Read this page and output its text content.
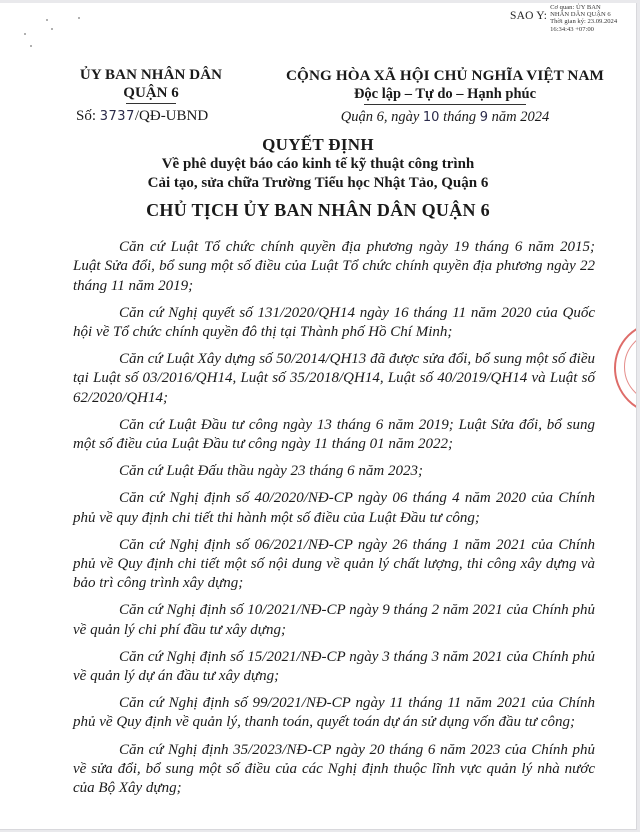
SAO Y:
Cơ quan: ỦY BAN
NHÂN DÂN QUẬN 6
Thời gian ký: 23.09.2024
16:34:43 +07:00
ỦY BAN NHÂN DÂN
QUẬN 6
Số: 3737/QĐ-UBND
CỘNG HÒA XÃ HỘI CHỦ NGHĨA VIỆT NAM
Độc lập – Tự do – Hạnh phúc
Quận 6, ngày 10 tháng 9 năm 2024
QUYẾT ĐỊNH
Về phê duyệt báo cáo kinh tế kỹ thuật công trình
Cải tạo, sửa chữa Trường Tiểu học Nhật Tảo, Quận 6
CHỦ TỊCH ỦY BAN NHÂN DÂN QUẬN 6

Căn cứ Luật Tổ chức chính quyền địa phương ngày 19 tháng 6 năm 2015; Luật Sửa đổi, bổ sung một số điều của Luật Tổ chức chính quyền địa phương ngày 22 tháng 11 năm 2019;

Căn cứ Nghị quyết số 131/2020/QH14 ngày 16 tháng 11 năm 2020 của Quốc hội về Tổ chức chính quyền đô thị tại Thành phố Hồ Chí Minh;

Căn cứ Luật Xây dựng số 50/2014/QH13 đã được sửa đổi, bổ sung một số điều tại Luật số 03/2016/QH14, Luật số 35/2018/QH14, Luật số 40/2019/QH14 và Luật số 62/2020/QH14;

Căn cứ Luật Đầu tư công ngày 13 tháng 6 năm 2019; Luật Sửa đổi, bổ sung một số điều của Luật Đầu tư công ngày 11 tháng 01 năm 2022;

Căn cứ Luật Đấu thầu ngày 23 tháng 6 năm 2023;

Căn cứ Nghị định số 40/2020/NĐ-CP ngày 06 tháng 4 năm 2020 của Chính phủ về quy định chi tiết thi hành một số điều của Luật Đầu tư công;

Căn cứ Nghị định số 06/2021/NĐ-CP ngày 26 tháng 1 năm 2021 của Chính phủ về Quy định chi tiết một số nội dung về quản lý chất lượng, thi công xây dựng và bảo trì công trình xây dựng;

Căn cứ Nghị định số 10/2021/NĐ-CP ngày 9 tháng 2 năm 2021 của Chính phủ về quản lý chi phí đầu tư xây dựng;

Căn cứ Nghị định số 15/2021/NĐ-CP ngày 3 tháng 3 năm 2021 của Chính phủ về quản lý dự án đầu tư xây dựng;

Căn cứ Nghị định số 99/2021/NĐ-CP ngày 11 tháng 11 năm 2021 của Chính phủ về Quy định về quản lý, thanh toán, quyết toán dự án sử dụng vốn đầu tư công;

Căn cứ Nghị định 35/2023/NĐ-CP ngày 20 tháng 6 năm 2023 của Chính phủ về sửa đổi, bổ sung một số điều của các Nghị định thuộc lĩnh vực quản lý nhà nước của Bộ Xây dựng;
